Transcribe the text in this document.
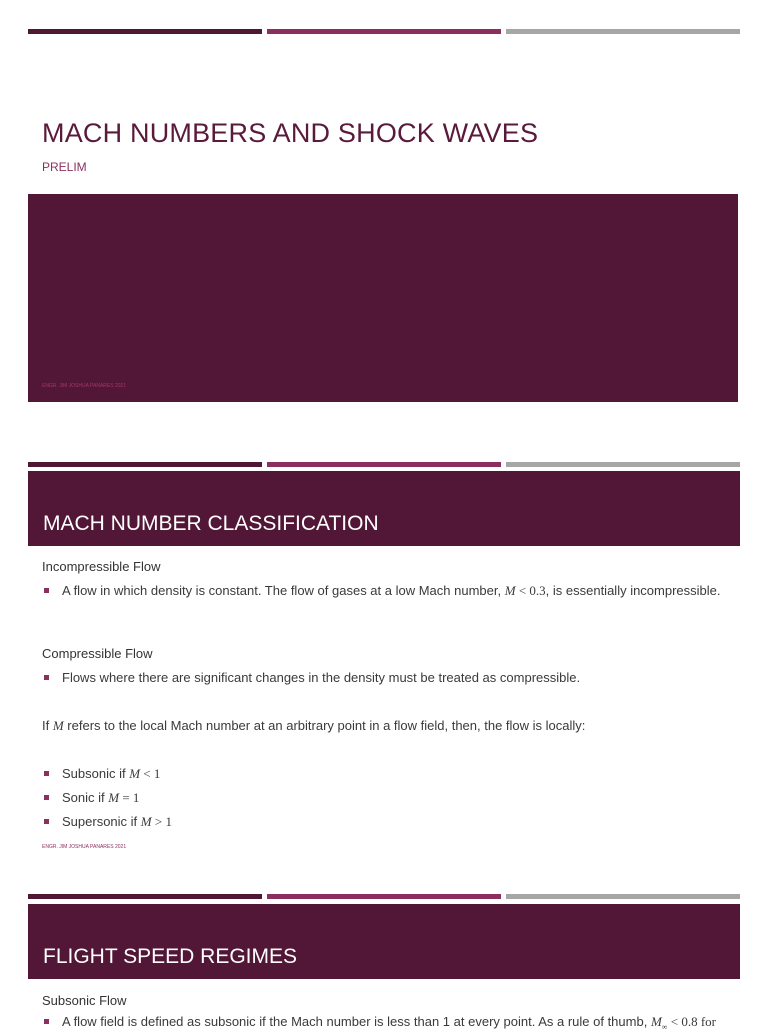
MACH NUMBERS AND SHOCK WAVES
PRELIM
ENGR. JIM JOSHUA PANARES 2021
MACH NUMBER CLASSIFICATION
Incompressible Flow
A flow in which density is constant. The flow of gases at a low Mach number, M < 0.3, is essentially incompressible.
Compressible Flow
Flows where there are significant changes in the density must be treated as compressible.
If M refers to the local Mach number at an arbitrary point in a flow field, then, the flow is locally:
Subsonic if M < 1
Sonic if M = 1
Supersonic if M > 1
ENGR. JIM JOSHUA PANARES 2021
FLIGHT SPEED REGIMES
Subsonic Flow
A flow field is defined as subsonic if the Mach number is less than 1 at every point. As a rule of thumb, $M_\infty < 0.8$ for
